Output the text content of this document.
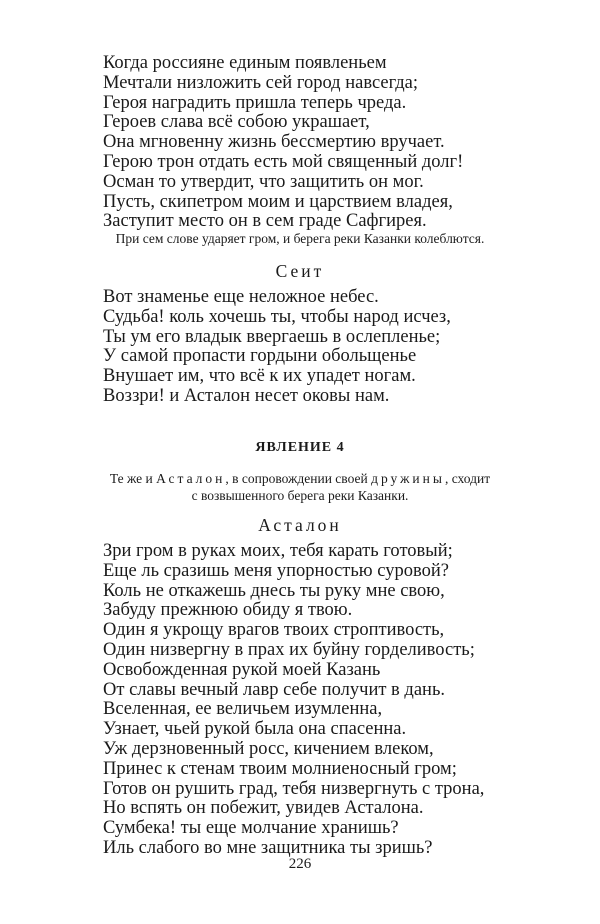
Когда россияне единым появленьем
Мечтали низложить сей город навсегда;
Героя наградить пришла теперь чреда.
Героев слава всё собою украшает,
Она мгновенну жизнь бессмертию вручает.
Герою трон отдать есть мой священный долг!
Осман то утвердит, что защитить он мог.
Пусть, скипетром моим и царствием владея,
Заступит место он в сем граде Сафгирея.

При сем слове ударяет гром, и берега реки Казанки колеблются.

Сеит

Вот знаменье еще неложное небес.
Судьба! коль хочешь ты, чтобы народ исчез,
Ты ум его владык ввергаешь в ослепленье;
У самой пропасти гордыни обольщенье
Внушает им, что всё к их упадет ногам.
Воззри! и Асталон несет оковы нам.

ЯВЛЕНИЕ 4

Те же и Асталон, в сопровождении своей дружины, сходит
с возвышенного берега реки Казанки.

Асталон

Зри гром в руках моих, тебя карать готовый;
Еще ль сразишь меня упорностью суровой?
Коль не откажешь днесь ты руку мне свою,
Забуду прежнюю обиду я твою.
Один я укрощу врагов твоих строптивость,
Один низвергну в прах их буйну горделивость;
Освобожденная рукой моей Казань
От славы вечный лавр себе получит в дань.
Вселенная, ее величьем изумленна,
Узнает, чьей рукой была она спасенна.
Уж дерзновенный росс, кичением влеком,
Принес к стенам твоим молниеносный гром;
Готов он рушить град, тебя низвергнуть с трона,
Но вспять он побежит, увидев Асталона.
Сумбека! ты еще молчание хранишь?
Иль слабого во мне защитника ты зришь?

226
